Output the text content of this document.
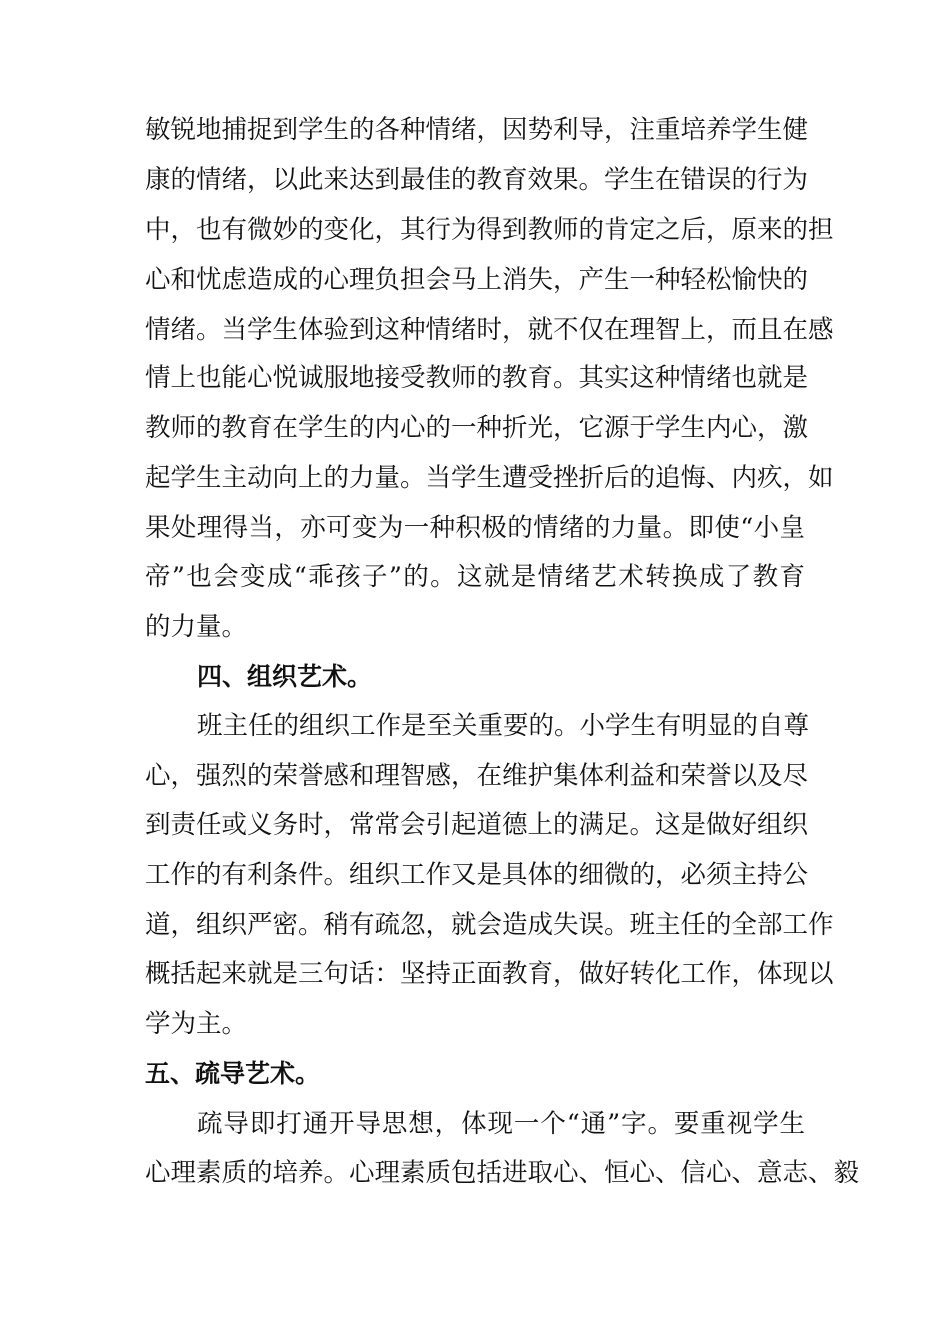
敏锐地捕捉到学生的各种情绪，因势利导，注重培养学生健
康的情绪，以此来达到最佳的教育效果。学生在错误的行为
中，也有微妙的变化，其行为得到教师的肯定之后，原来的担
心和忧虑造成的心理负担会马上消失，产生一种轻松愉快的
情绪。当学生体验到这种情绪时，就不仅在理智上，而且在感
情上也能心悦诚服地接受教师的教育。其实这种情绪也就是
教师的教育在学生的内心的一种折光，它源于学生内心，激
起学生主动向上的力量。当学生遭受挫折后的追悔、内疚，如
果处理得当，亦可变为一种积极的情绪的力量。即使“小皇
帝”也会变成“乖孩子”的。这就是情绪艺术转换成了教育
的力量。
四、组织艺术。
班主任的组织工作是至关重要的。小学生有明显的自尊
心，强烈的荣誉感和理智感，在维护集体利益和荣誉以及尽
到责任或义务时，常常会引起道德上的满足。这是做好组织
工作的有利条件。组织工作又是具体的细微的，必须主持公
道，组织严密。稍有疏忽，就会造成失误。班主任的全部工作
概括起来就是三句话：坚持正面教育，做好转化工作，体现以
学为主。
五、疏导艺术。
疏导即打通开导思想，体现一个“通”字。要重视学生
心理素质的培养。心理素质包括进取心、恒心、信心、意志、毅
